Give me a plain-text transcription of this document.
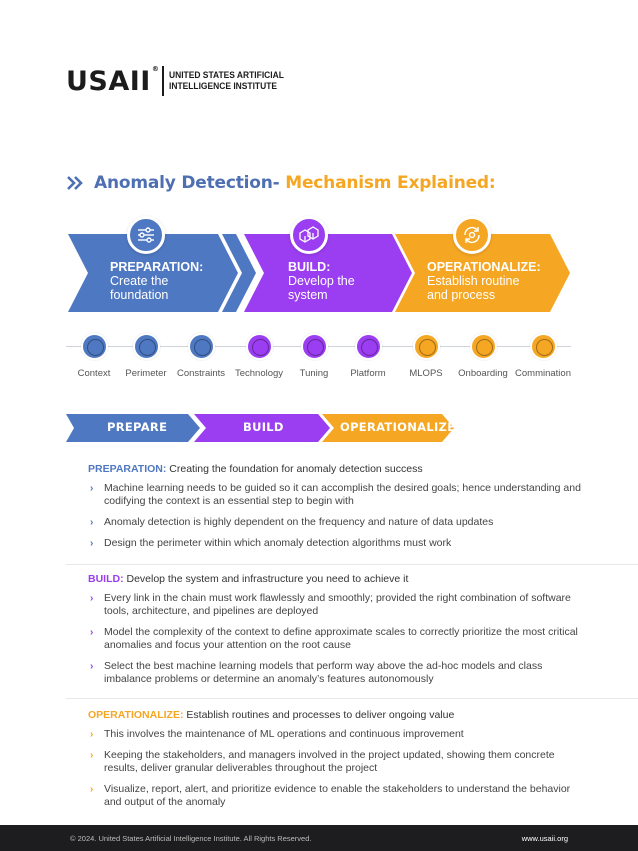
USAII®
UNITED STATES ARTIFICIAL
INTELLIGENCE INSTITUTE
Anomaly Detection- Mechanism Explained:
PREPARATION:
Create the
foundation
BUILD:
Develop the
system
OPERATIONALIZE:
Establish routine
and process
Context	Perimeter	Constraints	Technology	Tuning	Platform	MLOPS	Onboarding Commination
PREPARE	BUILD	OPERATIONALIZE
PREPARATION: Creating the foundation for anomaly detection success
› Machine learning needs to be guided so it can accomplish the desired goals; hence understanding and codifying the context is an essential step to begin with
› Anomaly detection is highly dependent on the frequency and nature of data updates
› Design the perimeter within which anomaly detection algorithms must work
BUILD: Develop the system and infrastructure you need to achieve it
› Every link in the chain must work flawlessly and smoothly; provided the right combination of software tools, architecture, and pipelines are deployed
› Model the complexity of the context to define approximate scales to correctly prioritize the most critical anomalies and focus your attention on the root cause
› Select the best machine learning models that perform way above the ad-hoc models and class imbalance problems or determine an anomaly’s features autonomously
OPERATIONALIZE: Establish routines and processes to deliver ongoing value
› This involves the maintenance of ML operations and continuous improvement
› Keeping the stakeholders, and managers involved in the project updated, showing them concrete results, deliver granular deliverables throughout the project
› Visualize, report, alert, and prioritize evidence to enable the stakeholders to understand the behavior and output of the anomaly
© 2024. United States Artificial Intelligence Institute. All Rights Reserved.	www.usaii.org
